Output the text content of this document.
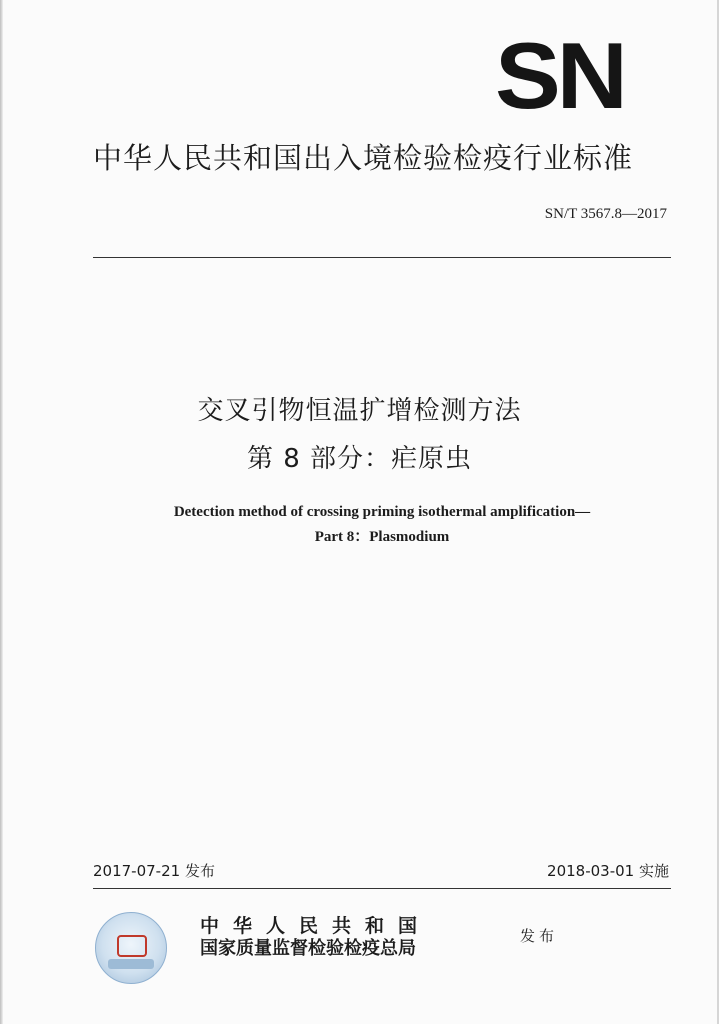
SN
中华人民共和国出入境检验检疫行业标准
SN/T 3567.8—2017
交叉引物恒温扩增检测方法
第 8 部分：疟原虫
Detection method of crossing priming isothermal amplification—
Part 8：Plasmodium
2017-07-21 发布	2018-03-01 实施
中华人民共和国
国家质量监督检验检疫总局
发布
